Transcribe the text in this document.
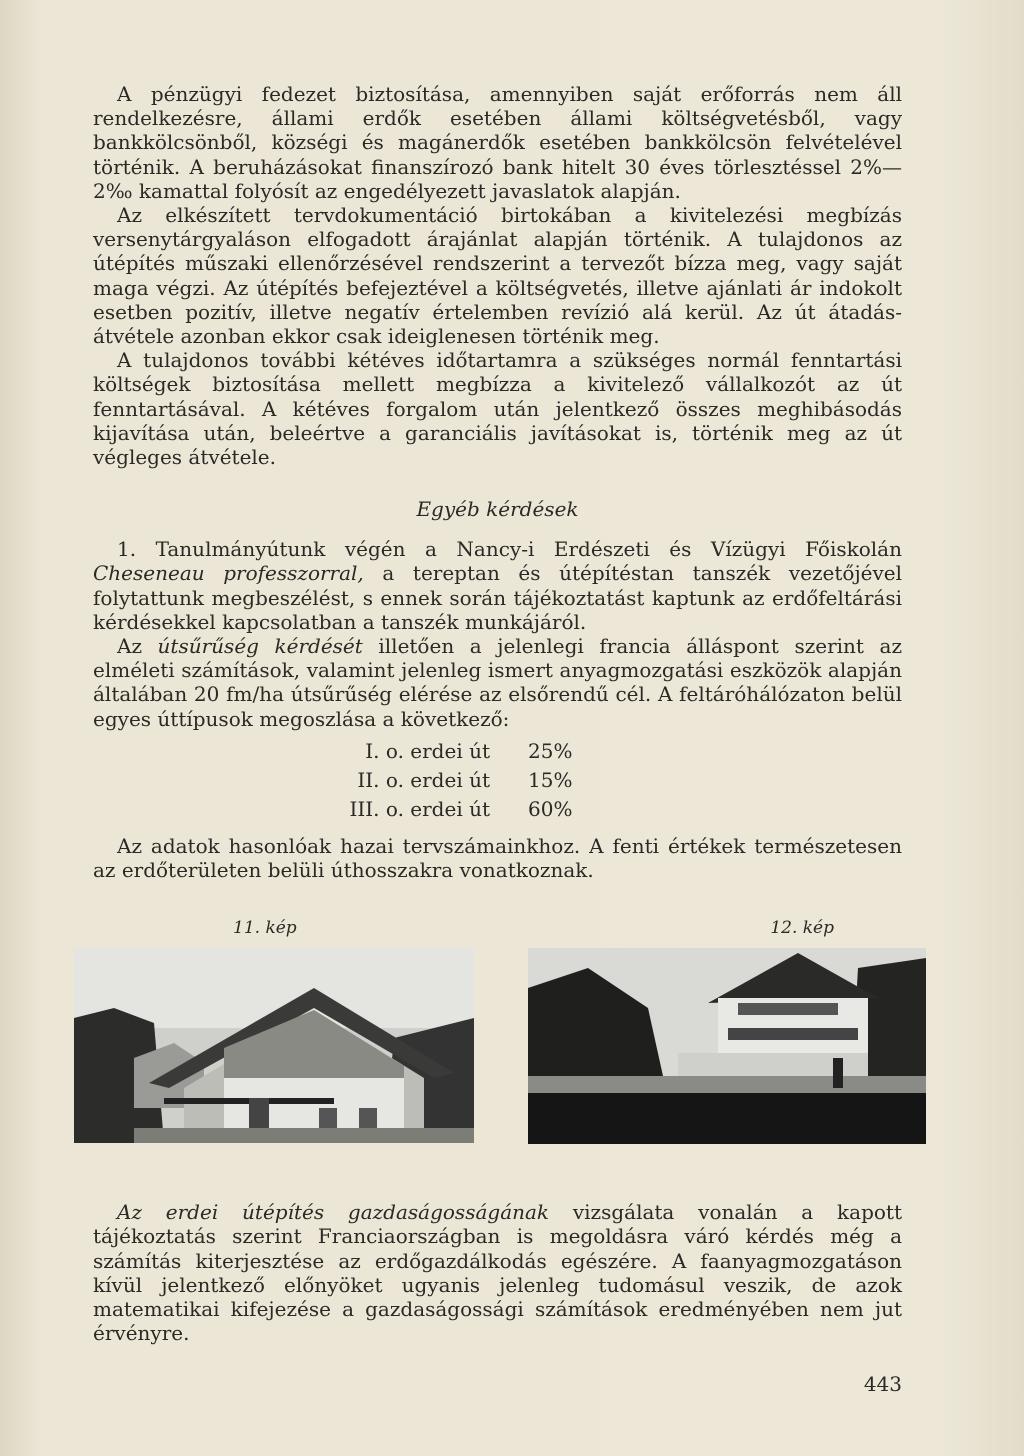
A pénzügyi fedezet biztosítása, amennyiben saját erőforrás nem áll rendelkezésre, állami erdők esetében állami költségvetésből, vagy bankkölcsönből, községi és magánerdők esetében bankkölcsön felvételével történik. A beruházásokat finanszírozó bank hitelt 30 éves törlesztéssel 2%—2‰ kamattal folyósít az engedélyezett javaslatok alapján.

Az elkészített tervdokumentáció birtokában a kivitelezési megbízás versenytárgyaláson elfogadott árajánlat alapján történik. A tulajdonos az útépítés műszaki ellenőrzésével rendszerint a tervezőt bízza meg, vagy saját maga végzi. Az útépítés befejeztével a költségvetés, illetve ajánlati ár indokolt esetben pozitív, illetve negatív értelemben revízió alá kerül. Az út átadás-átvétele azonban ekkor csak ideiglenesen történik meg.

A tulajdonos további kétéves időtartamra a szükséges normál fenntartási költségek biztosítása mellett megbízza a kivitelező vállalkozót az út fenntartásával. A kétéves forgalom után jelentkező összes meghibásodás kijavítása után, beleértve a garanciális javításokat is, történik meg az út végleges átvétele.

Egyéb kérdések

1. Tanulmányútunk végén a Nancy-i Erdészeti és Vízügyi Főiskolán Cheseneau professzorral, a tereptan és útépítéstan tanszék vezetőjével folytattunk megbeszélést, s ennek során tájékoztatást kaptunk az erdőfeltárási kérdésekkel kapcsolatban a tanszék munkájáról.

Az útsűrűség kérdését illetően a jelenlegi francia álláspont szerint az elméleti számítások, valamint jelenleg ismert anyagmozgatási eszközök alapján általában 20 fm/ha útsűrűség elérése az elsőrendű cél. A feltáróhálózaton belül egyes úttípusok megoszlása a következő:

I. o. erdei út	25%
II. o. erdei út	15%
III. o. erdei út	60%

Az adatok hasonlóak hazai tervszámainkhoz. A fenti értékek természetesen az erdőterületen belüli úthosszakra vonatkoznak.

11. kép	12. kép

Az erdei útépítés gazdaságosságának vizsgálata vonalán a kapott tájékoztatás szerint Franciaországban is megoldásra váró kérdés még a számítás kiterjesztése az erdőgazdálkodás egészére. A faanyagmozgatáson kívül jelentkező előnyöket ugyanis jelenleg tudomásul veszik, de azok matematikai kifejezése a gazdaságossági számítások eredményében nem jut érvényre.

443
